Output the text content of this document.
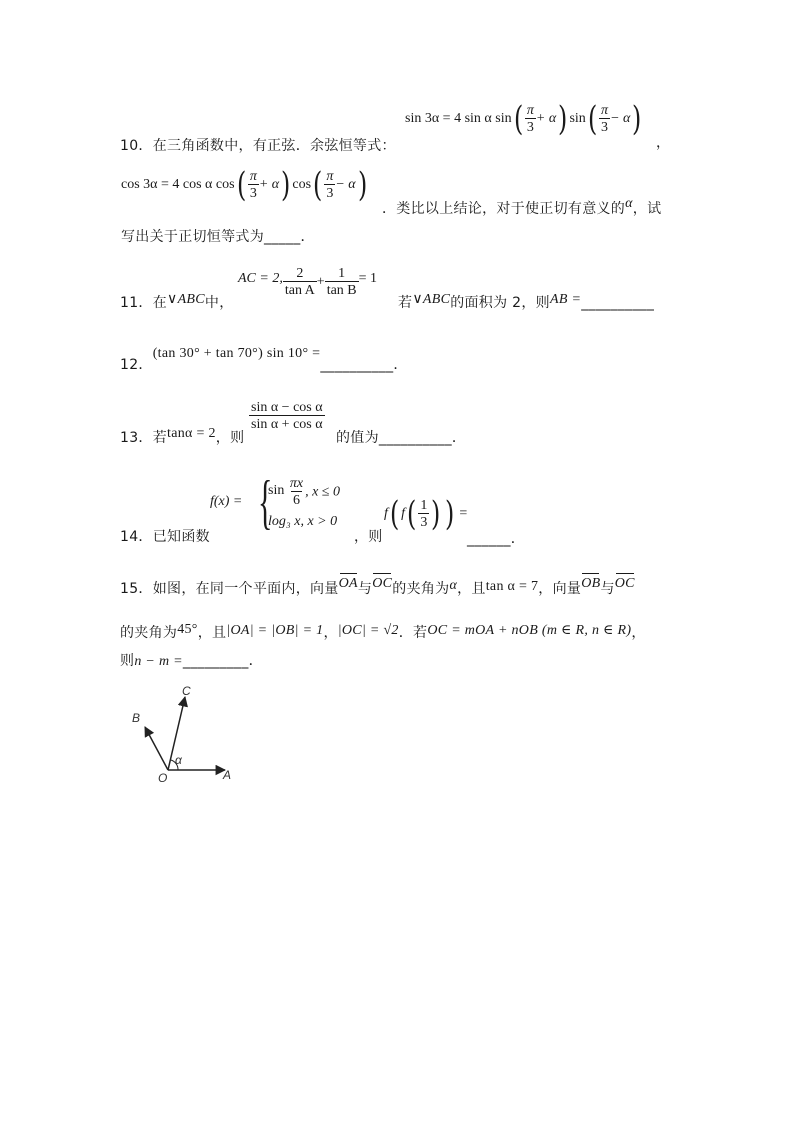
sin 3α = 4 sin α $\sin( \frac{\pi}{3} + \alpha)$ $\sin( \frac{\pi}{3} - \alpha)$
10．在三角函数中，有正弦．余弦恒等式：	，
cos 3α = 4 cos α $\cos( \frac{\pi}{3} + \alpha)$ $\cos( \frac{\pi}{3} - \alpha)$
．类比以上结论，对于使正切有意义的α，试
写出关于正切恒等式为_____．
11．在∨ABC中，
AC = 2, $\frac{2}{\text{tan A}} + \frac{1}{\text{tan B}} = 1$
若∨ABC的面积为 2，则AB =__________
12．(tan 30° + tan 70°) sin 10° =__________．
13．若tanα = 2，则
$\frac{\text{sin α − cos α}}{\text{sin α + cos α}}$
的值为__________．
14．已知函数
f(x) = {
$\sin \frac{\pi x}{6}$ , x ≤ 0
log₃ x, x > 0
，则
f( $f( \frac{1}{3}$ ) ) =
______．
15．如图，在同一个平面内，向量OA与OC的夹角为α，且tan α = 7，向量OB与OC
的夹角为45°，且|OA| = |OB| = 1，|OC| = √2．若OC = mOA + nOB (m ∈ R, n ∈ R)，
则n − m =_________．
O	A
B
C
α
